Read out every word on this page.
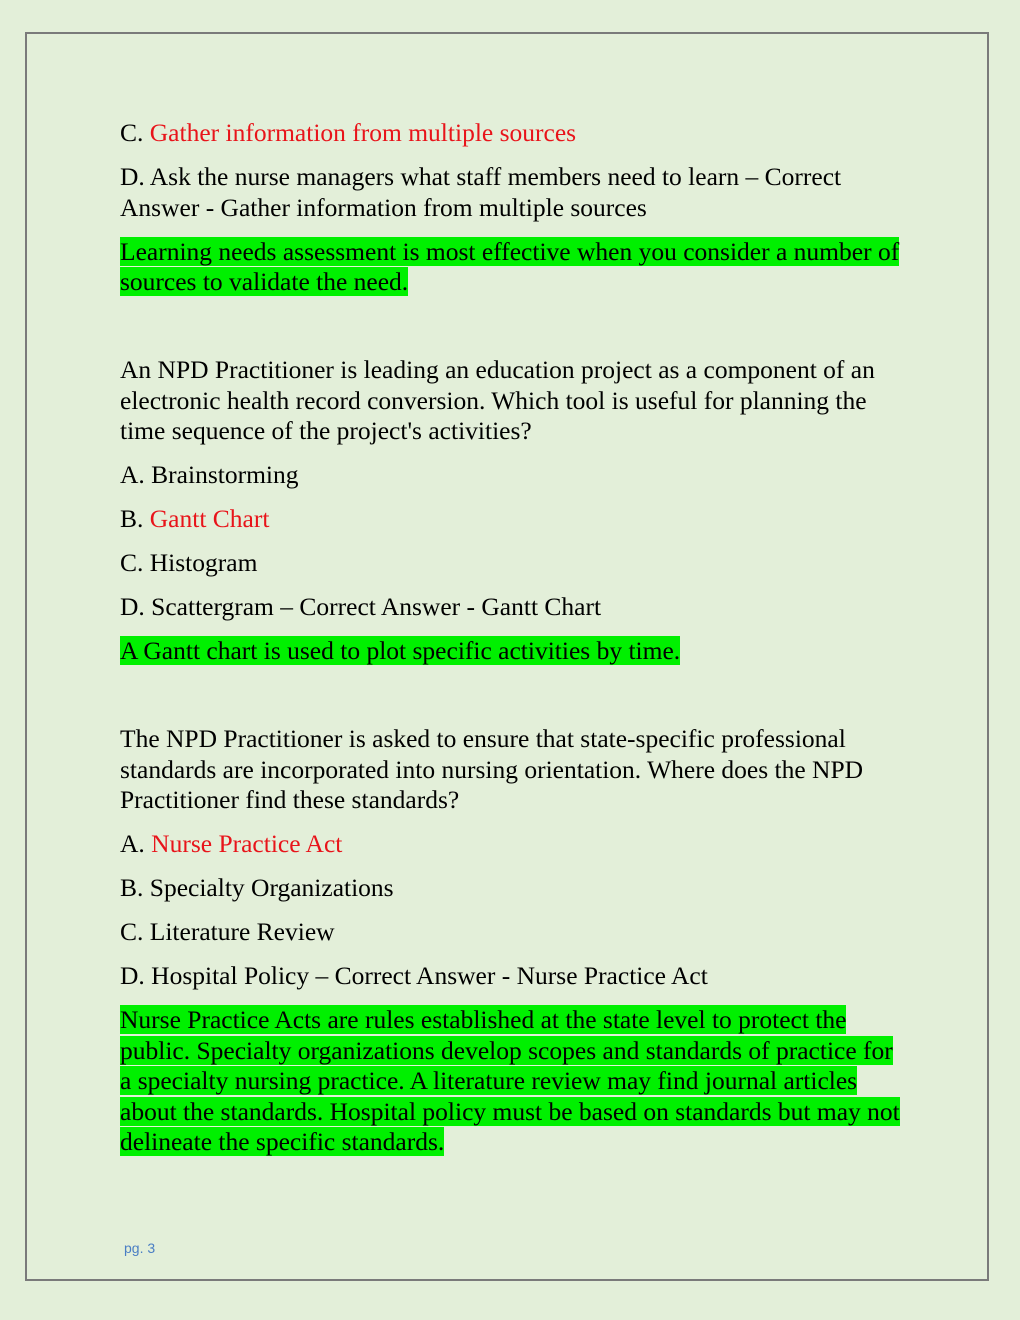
C. Gather information from multiple sources
D. Ask the nurse managers what staff members need to learn – Correct Answer - Gather information from multiple sources
Learning needs assessment is most effective when you consider a number of sources to validate the need.
An NPD Practitioner is leading an education project as a component of an electronic health record conversion. Which tool is useful for planning the time sequence of the project's activities?
A. Brainstorming
B. Gantt Chart
C. Histogram
D. Scattergram – Correct Answer - Gantt Chart
A Gantt chart is used to plot specific activities by time.
The NPD Practitioner is asked to ensure that state-specific professional standards are incorporated into nursing orientation. Where does the NPD Practitioner find these standards?
A. Nurse Practice Act
B. Specialty Organizations
C. Literature Review
D. Hospital Policy – Correct Answer - Nurse Practice Act
Nurse Practice Acts are rules established at the state level to protect the public. Specialty organizations develop scopes and standards of practice for a specialty nursing practice. A literature review may find journal articles about the standards. Hospital policy must be based on standards but may not delineate the specific standards.
pg. 3
